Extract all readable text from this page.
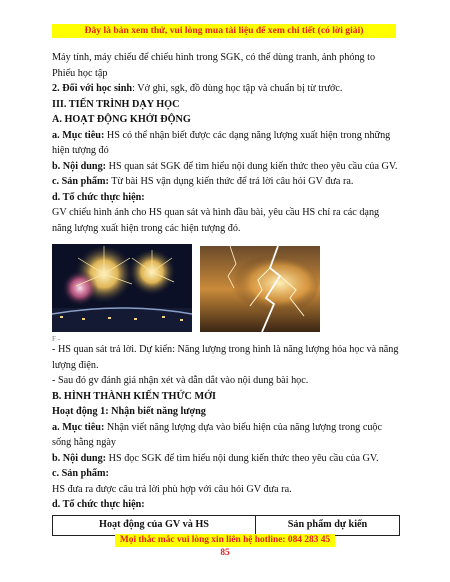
Đây là bản xem thử, vui lòng mua tài liệu để xem chi tiết (có lời giải)

Máy tính, máy chiếu để chiếu hình trong SGK, có thể dùng tranh, ảnh phóng to

Phiếu học tập

2. Đối với học sinh: Vở ghi, sgk, đồ dùng học tập và chuẩn bị từ trước.

III. TIẾN TRÌNH DẠY HỌC

A. HOẠT ĐỘNG KHỞI ĐỘNG

a. Mục tiêu: HS có thể nhận biết được các dạng năng lượng xuất hiện trong những hiện tượng đó

b. Nội dung: HS quan sát SGK để tìm hiểu nội dung kiến thức theo yêu cầu của GV.

c. Sản phẩm: Từ bài HS vận dụng kiến thức để trả lời câu hỏi GV đưa ra.

d. Tổ chức thực hiện:

GV chiếu hình ảnh cho HS quan sát và hình đầu bài, yêu cầu HS chỉ ra các dạng năng lượng xuất hiện trong các hiện tượng đó.

F -

- HS quan sát trả lời. Dự kiến: Năng lượng trong hình là năng lượng hóa học và năng lượng điện.

- Sau đó gv đánh giá nhận xét và dẫn dắt vào nội dung bài học.

B. HÌNH THÀNH KIẾN THỨC MỚI

Hoạt động 1: Nhận biết năng lượng

a. Mục tiêu: Nhận viết năng lượng dựa vào biểu hiện của năng lượng trong cuộc sống hằng ngày

b. Nội dung: HS đọc SGK để tìm hiểu nội dung kiến thức theo yêu cầu của GV.

c. Sản phẩm:

HS đưa ra được câu trả lời phù hợp với câu hỏi GV đưa ra.

d. Tổ chức thực hiện:

Hoạt động của GV và HS	Sản phẩm dự kiến
Mọi thắc mắc vui lòng xin liên hệ hotline: 084 283 45 85
